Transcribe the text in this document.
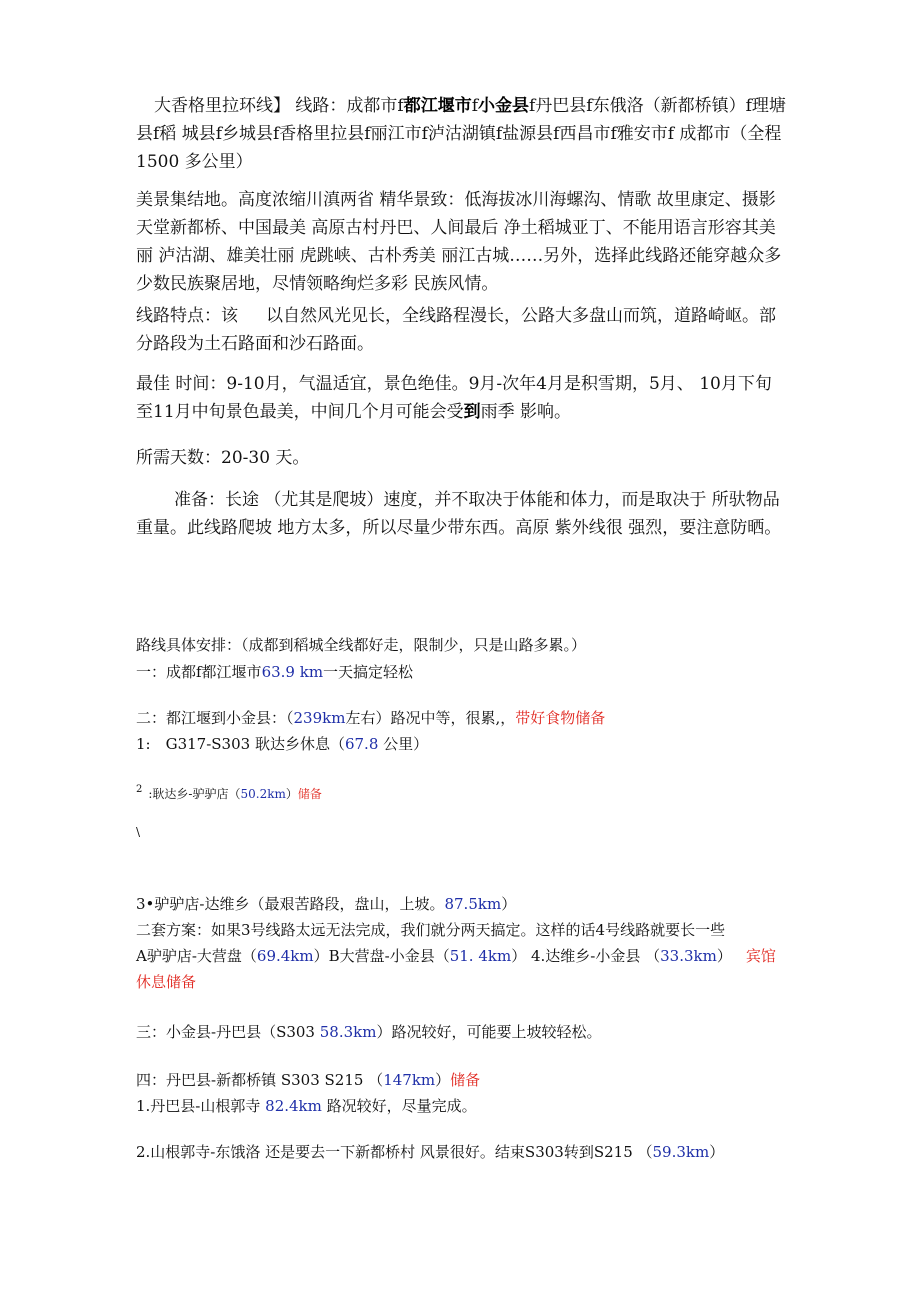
大香格里拉环线】 线路：成都市f都江堰市f小金县f丹巴县f东俄洛（新都桥镇）f理塘县f稻 城县f乡城县f香格里拉县f丽江市f泸沽湖镇f盐源县f西昌市f雅安市f 成都市（全程 1500 多公里）

美景集结地。高度浓缩川滇两省 精华景致：低海拔冰川海螺沟、情歌 故里康定、摄影天堂新都桥、中国最美 高原古村丹巴、人间最后 净土稻城亚丁、不能用语言形容其美丽 泸沽湖、雄美壮丽 虎跳峡、古朴秀美 丽江古城……另外，选择此线路还能穿越众多少数民族聚居地，尽情领略绚烂多彩 民族风情。

线路特点：该 以自然风光见长，全线路程漫长，公路大多盘山而筑，道路崎岖。部分路段为土石路面和沙石路面。

最佳 时间：9-10月，气温适宜，景色绝佳。9月-次年4月是积雪期，5月、 10月下旬至11月中旬景色最美，中间几个月可能会受到雨季 影响。

所需天数：20-30 天。

准备：长途 （尤其是爬坡）速度，并不取决于体能和体力，而是取决于 所驮物品 重量。此线路爬坡 地方太多，所以尽量少带东西。高原 紫外线很 强烈，要注意防晒。

路线具体安排：（成都到稻城全线都好走，限制少，只是山路多累。）

一：成都f都江堰市63.9 km一天搞定轻松

二：都江堰到小金县：（239km左右）路况中等，很累,，带好食物储备

1:　G317-S303 耿达乡休息（67.8 公里）

$^2$ :耿达乡-驴驴店（50.2km）储备

\

3•驴驴店-达维乡（最艰苦路段，盘山，上坡。87.5km）

二套方案：如果3号线路太远无法完成，我们就分两天搞定。这样的话4号线路就要长一些

A驴驴店-大营盘（69.4km）B大营盘-小金县（51. 4km） 4.达维乡-小金县 （33.3km） 宾馆休息储备

三：小金县-丹巴县（S303 58.3km）路况较好，可能要上坡较轻松。

四：丹巴县-新都桥镇 S303 S215 （147km）储备

1.丹巴县-山根郭寺 82.4km 路况较好，尽量完成。

2.山根郭寺-东饿洛 还是要去一下新都桥村 风景很好。结束S303转到S215 （59.3km）
